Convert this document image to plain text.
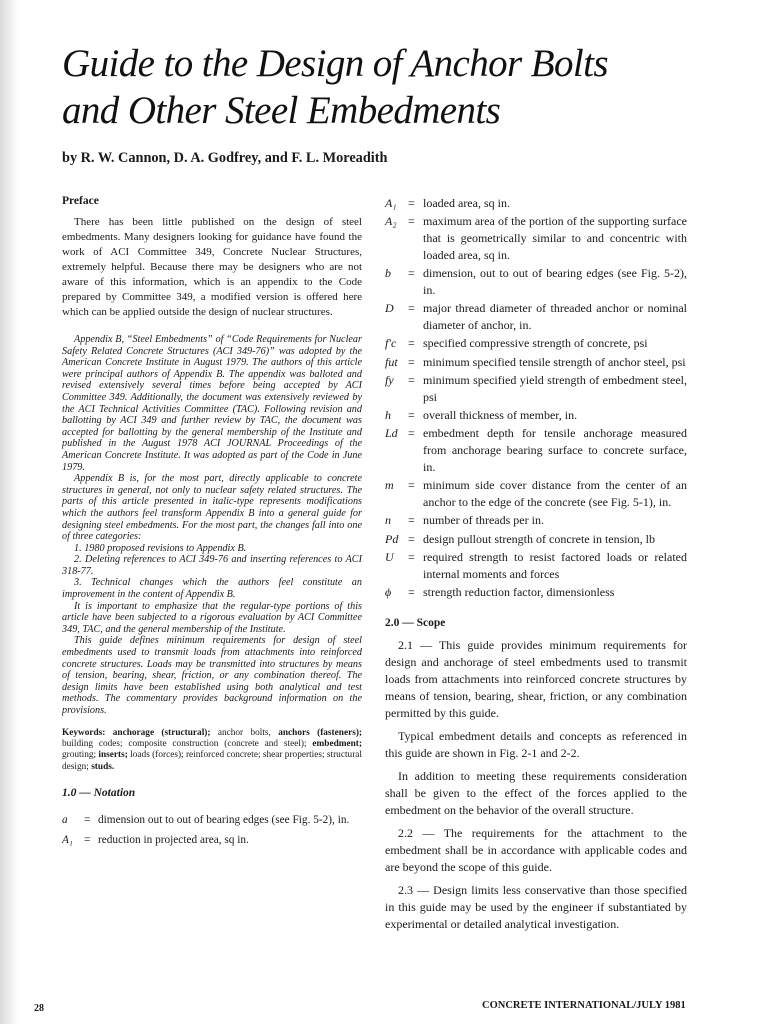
Guide to the Design of Anchor Bolts
and Other Steel Embedments
by R. W. Cannon, D. A. Godfrey, and F. L. Moreadith

Preface

There has been little published on the design of steel embedments. Many designers looking for guidance have found the work of ACI Committee 349, Concrete Nuclear Structures, extremely helpful. Because there may be designers who are not aware of this information, which is an appendix to the Code prepared by Committee 349, a modified version is offered here which can be applied outside the design of nuclear structures.

Appendix B, “Steel Embedments” of “Code Requirements for Nuclear Safety Related Concrete Structures (ACI 349-76)” was adopted by the American Concrete Institute in August 1979. The authors of this article were principal authors of Appendix B. The appendix was balloted and revised extensively several times before being accepted by ACI Committee 349. Additionally, the document was extensively reviewed by the ACI Technical Activities Committee (TAC). Following revision and ballotting by ACI 349 and further review by TAC, the document was accepted for ballotting by the general membership of the Institute and published in the August 1978 ACI JOURNAL Proceedings of the American Concrete Institute. It was adopted as part of the Code in June 1979.

Appendix B is, for the most part, directly applicable to concrete structures in general, not only to nuclear safety related structures. The parts of this article presented in italic-type represents modifications which the authors feel transform Appendix B into a general guide for designing steel embedments. For the most part, the changes fall into one of three categories:

1. 1980 proposed revisions to Appendix B.

2. Deleting references to ACI 349-76 and inserting references to ACI 318-77.

3. Technical changes which the authors feel constitute an improvement in the content of Appendix B.

It is important to emphasize that the regular-type portions of this article have been subjected to a rigorous evaluation by ACI Committee 349, TAC, and the general membership of the Institute.

This guide defines minimum requirements for design of steel embedments used to transmit loads from attachments into reinforced concrete structures. Loads may be transmitted into structures by means of tension, bearing, shear, friction, or any combination thereof. The design limits have been established using both analytical and test methods. The commentary provides background information on the provisions.

Keywords: anchorage (structural); anchor bolts, anchors (fasteners); building codes; composite construction (concrete and steel); embedment; grouting; inserts; loads (forces); reinforced concrete; shear properties; structural design; studs.

1.0 — Notation

a	= dimension out to out of bearing edges (see Fig. 5-2), in.
A₁ = reduction in projected area, sq in.
A₁ = loaded area, sq in.
A₂ = maximum area of the portion of the supporting surface that is geometrically similar to and concentric with loaded area, sq in.
b	= dimension, out to out of bearing edges (see Fig. 5-2), in.
D	= major thread diameter of threaded anchor or nominal diameter of anchor, in.
f′c = specified compressive strength of concrete, psi
fut = minimum specified tensile strength of anchor steel, psi
fy	= minimum specified yield strength of embedment steel, psi
h	= overall thickness of member, in.
Ld = embedment depth for tensile anchorage measured from anchorage bearing surface to concrete surface, in.
m	= minimum side cover distance from the center of an anchor to the edge of the concrete (see Fig. 5-1), in.
n	= number of threads per in.
Pd = design pullout strength of concrete in tension, lb
U	= required strength to resist factored loads or related internal moments and forces
ϕ	= strength reduction factor, dimensionless

2.0 — Scope

2.1 — This guide provides minimum requirements for design and anchorage of steel embedments used to transmit loads from attachments into reinforced concrete structures by means of tension, bearing, shear, friction, or any combination permitted by this guide.

Typical embedment details and concepts as referenced in this guide are shown in Fig. 2-1 and 2-2.

In addition to meeting these requirements consideration shall be given to the effect of the forces applied to the embedment on the behavior of the overall structure.

2.2 — The requirements for the attachment to the embedment shall be in accordance with applicable codes and are beyond the scope of this guide.

2.3 — Design limits less conservative than those specified in this guide may be used by the engineer if substantiated by experimental or detailed analytical investigation.

28	CONCRETE INTERNATIONAL/JULY 1981
